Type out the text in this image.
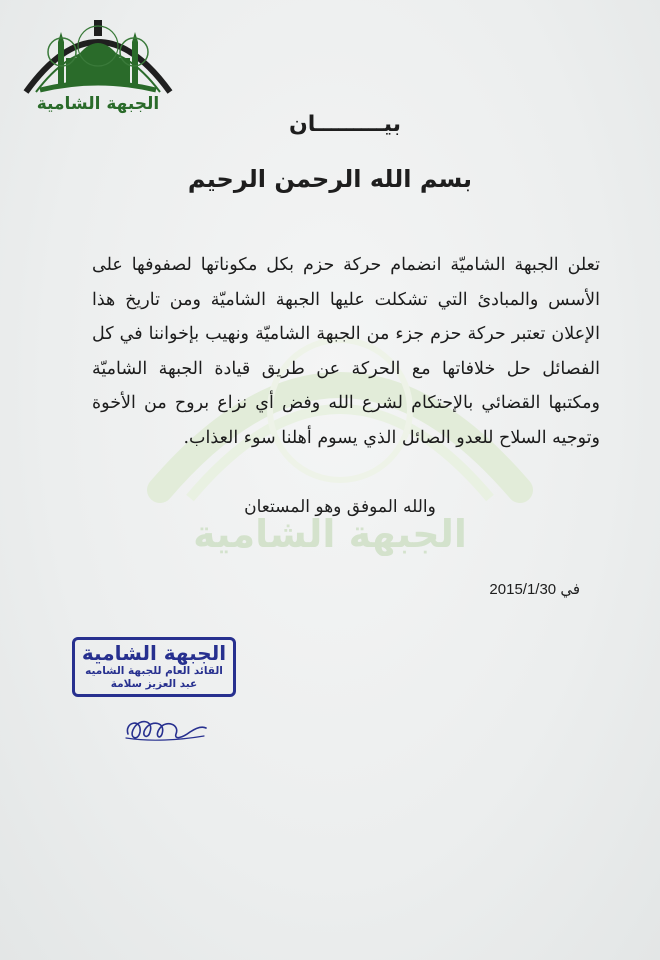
الجبهة الشامية
الجبهة الشامية
بيـــــــــان
بسم الله الرحمن الرحيم
تعلن الجبهة الشاميّة انضمام حركة حزم بكل مكوناتها لصفوفها على الأسس والمبادئ التي تشكلت عليها الجبهة الشاميّة ومن تاريخ هذا الإعلان تعتبر حركة حزم جزء من الجبهة الشاميّة ونهيب بإخواننا في كل الفصائل حل خلافاتها مع الحركة عن طريق قيادة الجبهة الشاميّة ومكتبها القضائي بالإحتكام لشرع الله وفض أي نزاع بروح من الأخوة وتوجيه السلاح للعدو الصائل الذي يسوم أهلنا سوء العذاب.
والله الموفق وهو المستعان
في 2015/1/30
الجبهة الشامية
القائد العام للجبهة الشاميه
عبد العزيز سلامة
